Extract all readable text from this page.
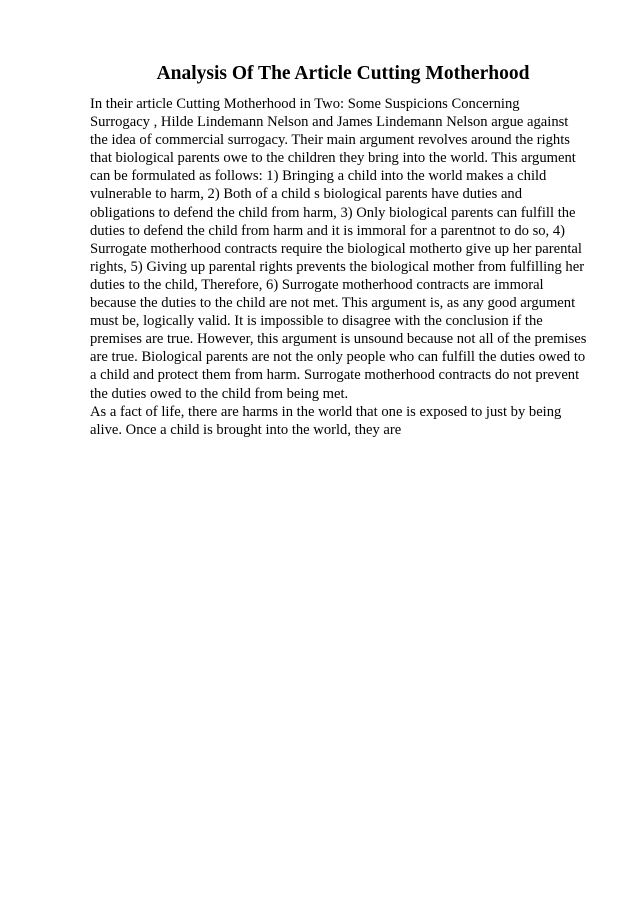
Analysis Of The Article Cutting Motherhood
In their article Cutting Motherhood in Two: Some Suspicions Concerning
Surrogacy , Hilde Lindemann Nelson and James Lindemann Nelson argue against
the idea of commercial surrogacy. Their main argument revolves around the rights
that biological parents owe to the children they bring into the world. This argument
can be formulated as follows: 1) Bringing a child into the world makes a child
vulnerable to harm, 2) Both of a child s biological parents have duties and
obligations to defend the child from harm, 3) Only biological parents can fulfill the
duties to defend the child from harm and it is immoral for a parentnot to do so, 4)
Surrogate motherhood contracts require the biological motherto give up her parental
rights, 5) Giving up parental rights prevents the biological mother from fulfilling her
duties to the child, Therefore, 6) Surrogate motherhood contracts are immoral
because the duties to the child are not met. This argument is, as any good argument
must be, logically valid. It is impossible to disagree with the conclusion if the
premises are true. However, this argument is unsound because not all of the premises
are true. Biological parents are not the only people who can fulfill the duties owed to
a child and protect them from harm. Surrogate motherhood contracts do not prevent
the duties owed to the child from being met.
As a fact of life, there are harms in the world that one is exposed to just by being
alive. Once a child is brought into the world, they are
